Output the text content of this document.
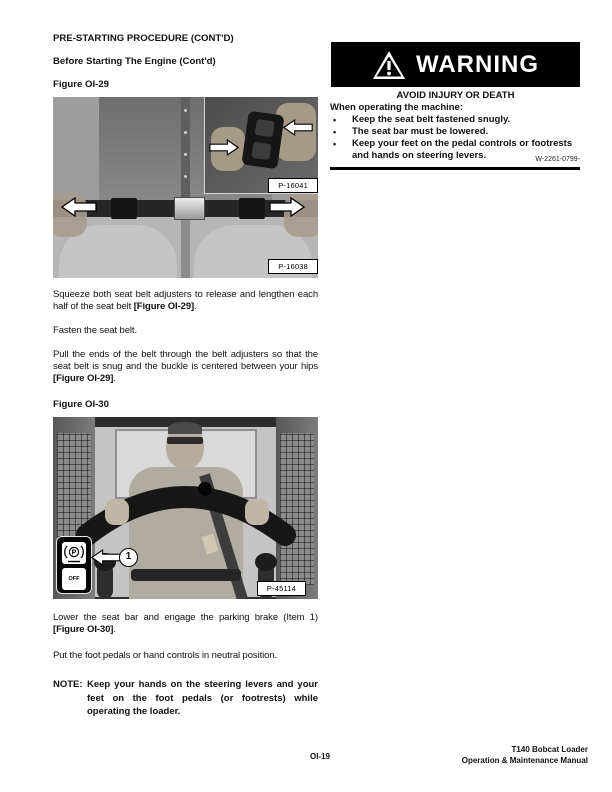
PRE-STARTING PROCEDURE (CONT'D)
Before Starting The Engine (Cont'd)
Figure OI-29
P-16041
P-16038

Squeeze both seat belt adjusters to release and lengthen each half of the seat belt [Figure OI-29].

Fasten the seat belt.

Pull the ends of the belt through the belt adjusters so that the seat belt is snug and the buckle is centered between your hips [Figure OI-29].

Figure OI-30
P
OFF
1
P-45114

Lower the seat bar and engage the parking brake (Item 1) [Figure OI-30].

Put the foot pedals or hand controls in neutral position.

NOTE: Keep your hands on the steering levers and your feet on the foot pedals (or footrests) while operating the loader.
WARNING
AVOID INJURY OR DEATH
When operating the machine:
• Keep the seat belt fastened snugly.
• The seat bar must be lowered.
• Keep your feet on the pedal controls or footrests and hands on steering levers.	W-2261-0799-
OI-19
T140 Bobcat Loader
Operation & Maintenance Manual
